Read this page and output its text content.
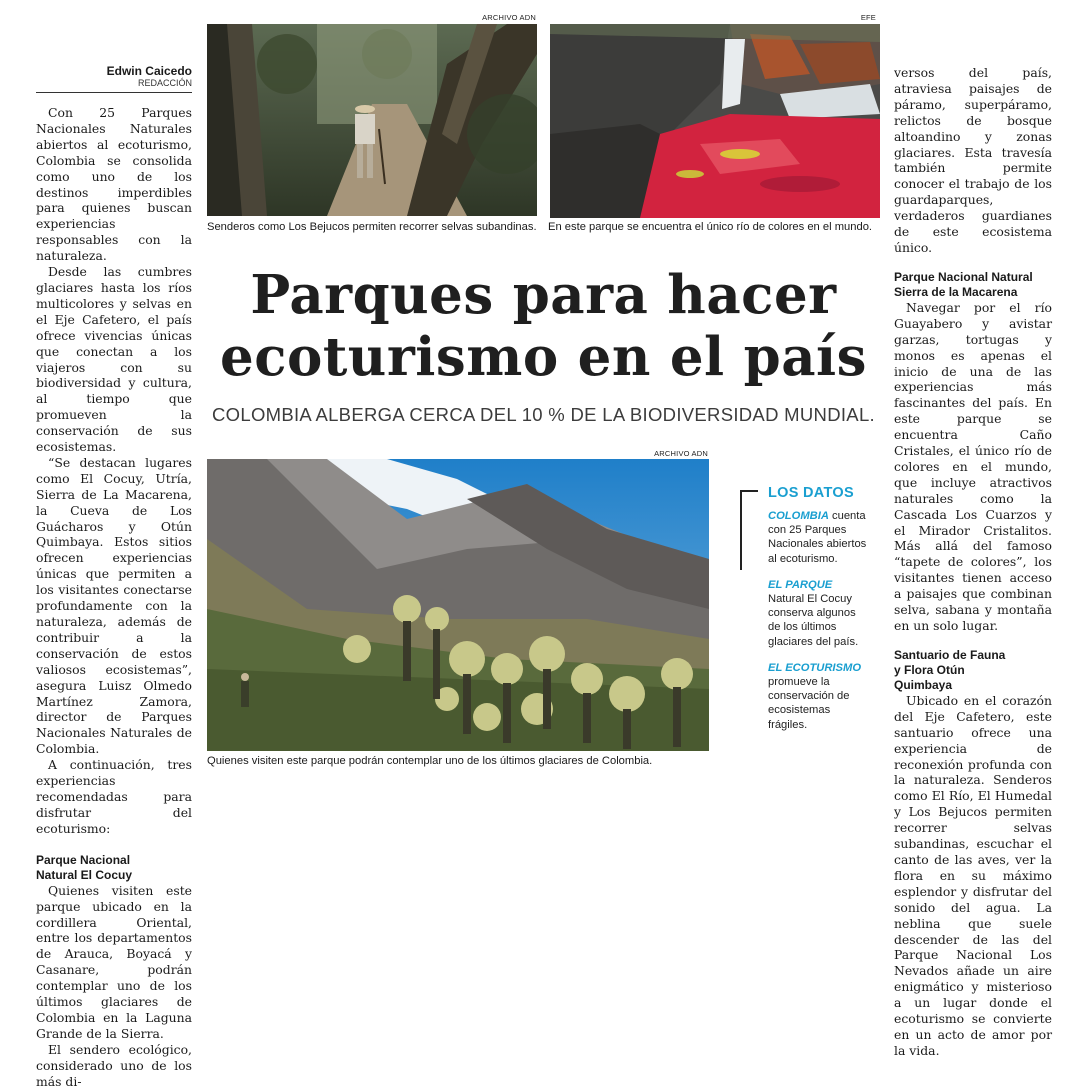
Edwin Caicedo
REDACCIÓN

Con 25 Parques Nacionales Naturales abiertos al ecoturismo, Colombia se consolida como uno de los destinos imperdibles para quienes buscan experiencias responsables con la naturaleza.

Desde las cumbres glaciares hasta los ríos multicolores y selvas en el Eje Cafetero, el país ofrece vivencias únicas que conectan a los viajeros con su biodiversidad y cultura, al tiempo que promueven la conservación de sus ecosistemas.

“Se destacan lugares como El Cocuy, Utría, Sierra de La Macarena, la Cueva de Los Guácharos y Otún Quimbaya. Estos sitios ofrecen experiencias únicas que permiten a los visitantes conectarse profundamente con la naturaleza, además de contribuir a la conservación de estos valiosos ecosistemas”, asegura Luisz Olmedo Martínez Zamora, director de Parques Nacionales Naturales de Colombia.

A continuación, tres experiencias recomendadas para disfrutar del ecoturismo:

Parque Nacional Natural El Cocuy

Quienes visiten este parque ubicado en la cordillera Oriental, entre los departamentos de Arauca, Boyacá y Casanare, podrán contemplar uno de los últimos glaciares de Colombia en la Laguna Grande de la Sierra.

El sendero ecológico, considerado uno de los más di-

ARCHIVO ADN
Senderos como Los Bejucos permiten recorrer selvas subandinas.
EFE
En este parque se encuentra el único río de colores en el mundo.
Parques para hacer
ecoturismo en el país
COLOMBIA ALBERGA CERCA DEL 10 % DE LA BIODIVERSIDAD MUNDIAL.
ARCHIVO ADN
Quienes visiten este parque podrán contemplar uno de los últimos glaciares de Colombia.
LOS DATOS

COLOMBIA cuenta con 25 Parques Nacionales abiertos al ecoturismo.

EL PARQUE Natural El Cocuy conserva algunos de los últimos glaciares del país.

EL ECOTURISMO promueve la conservación de ecosistemas frágiles.

versos del país, atraviesa paisajes de páramo, superpáramo, relictos de bosque altoandino y zonas glaciares. Esta travesía también permite conocer el trabajo de los guardaparques, verdaderos guardianes de este ecosistema único.

Parque Nacional Natural Sierra de la Macarena

Navegar por el río Guayabero y avistar garzas, tortugas y monos es apenas el inicio de una de las experiencias más fascinantes del país. En este parque se encuentra Caño Cristales, el único río de colores en el mundo, que incluye atractivos naturales como la Cascada Los Cuarzos y el Mirador Cristalitos. Más allá del famoso “tapete de colores”, los visitantes tienen acceso a paisajes que combinan selva, sabana y montaña en un solo lugar.

Santuario de Fauna y Flora Otún Quimbaya

Ubicado en el corazón del Eje Cafetero, este santuario ofrece una experiencia de reconexión profunda con la naturaleza. Senderos como El Río, El Humedal y Los Bejucos permiten recorrer selvas subandinas, escuchar el canto de las aves, ver la flora en su máximo esplendor y disfrutar del sonido del agua. La neblina que suele descender de las del Parque Nacional Los Nevados añade un aire enigmático y misterioso a un lugar donde el ecoturismo se convierte en un acto de amor por la vida.
